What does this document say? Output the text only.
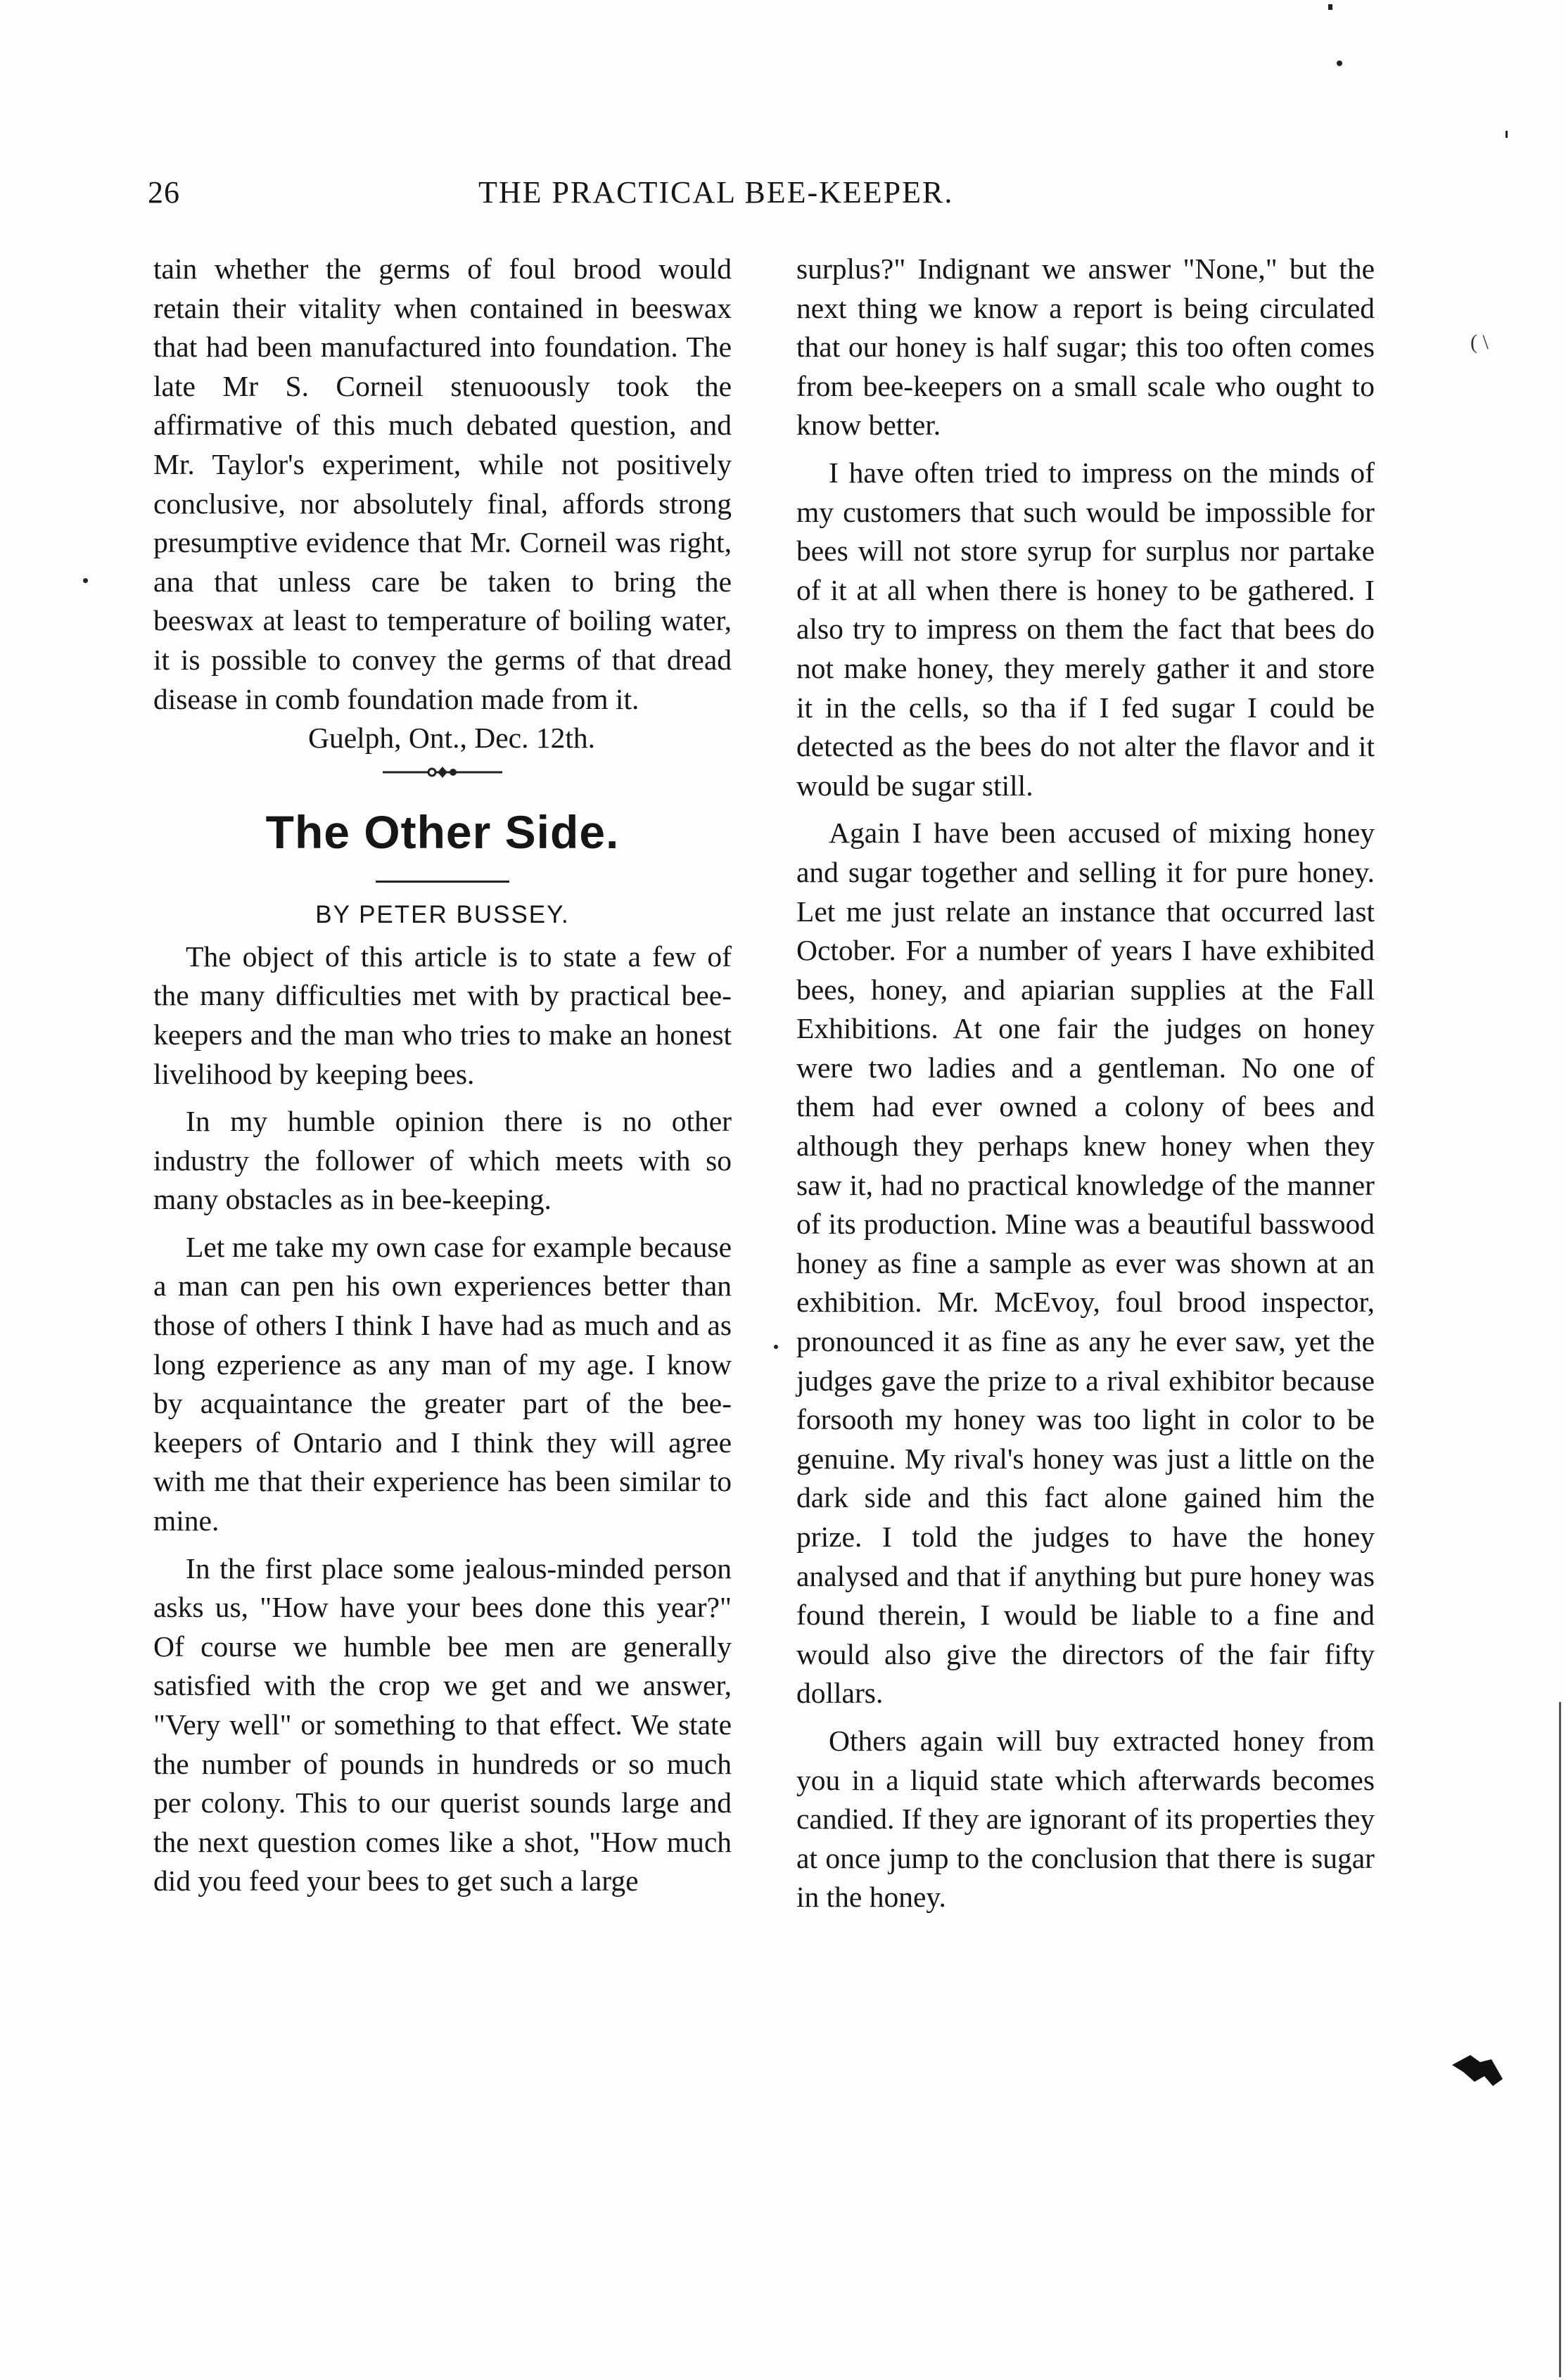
26	THE PRACTICAL BEE-KEEPER.

tain whether the germs of foul brood would retain their vitality when contained in beeswax that had been manufactured into foundation. The late Mr S. Corneil stenuoously took the affirmative of this much debated question, and Mr. Taylor's experiment, while not positively conclusive, nor absolutely final, affords strong presumptive evidence that Mr. Corneil was right, ana that unless care be taken to bring the beeswax at least to temperature of boiling water, it is possible to convey the germs of that dread disease in comb foundation made from it.

Guelph, Ont., Dec. 12th.

The Other Side.
BY PETER BUSSEY.

The object of this article is to state a few of the many difficulties met with by practical bee-keepers and the man who tries to make an honest livelihood by keeping bees.

In my humble opinion there is no other industry the follower of which meets with so many obstacles as in bee-keeping.

Let me take my own case for example because a man can pen his own experiences better than those of others I think I have had as much and as long ezperience as any man of my age. I know by acquaintance the greater part of the bee-keepers of Ontario and I think they will agree with me that their experience has been similar to mine.

In the first place some jealous-minded person asks us, "How have your bees done this year?" Of course we humble bee men are generally satisfied with the crop we get and we answer, "Very well" or something to that effect. We state the number of pounds in hundreds or so much per colony. This to our querist sounds large and the next question comes like a shot, "How much did you feed your bees to get such a large

surplus?" Indignant we answer "None," but the next thing we know a report is being circulated that our honey is half sugar; this too often comes from bee-keepers on a small scale who ought to know better.

I have often tried to impress on the minds of my customers that such would be impossible for bees will not store syrup for surplus nor partake of it at all when there is honey to be gathered. I also try to impress on them the fact that bees do not make honey, they merely gather it and store it in the cells, so tha if I fed sugar I could be detected as the bees do not alter the flavor and it would be sugar still.

Again I have been accused of mixing honey and sugar together and selling it for pure honey. Let me just relate an instance that occurred last October. For a number of years I have exhibited bees, honey, and apiarian supplies at the Fall Exhibitions. At one fair the judges on honey were two ladies and a gentleman. No one of them had ever owned a colony of bees and although they perhaps knew honey when they saw it, had no practical knowledge of the manner of its production. Mine was a beautiful basswood honey as fine a sample as ever was shown at an exhibition. Mr. McEvoy, foul brood inspector, pronounced it as fine as any he ever saw, yet the judges gave the prize to a rival exhibitor because forsooth my honey was too light in color to be genuine. My rival's honey was just a little on the dark side and this fact alone gained him the prize. I told the judges to have the honey analysed and that if anything but pure honey was found therein, I would be liable to a fine and would also give the directors of the fair fifty dollars.

Others again will buy extracted honey from you in a liquid state which afterwards becomes candied. If they are ignorant of its properties they at once jump to the conclusion that there is sugar in the honey.

( \
